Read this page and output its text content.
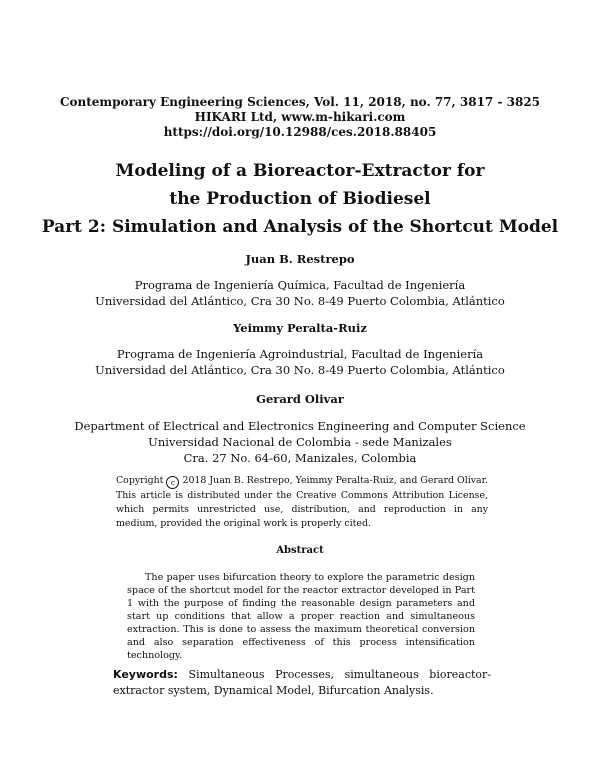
Contemporary Engineering Sciences, Vol. 11, 2018, no. 77, 3817 - 3825
HIKARI Ltd, www.m-hikari.com
https://doi.org/10.12988/ces.2018.88405
Modeling of a Bioreactor-Extractor for
the Production of Biodiesel
Part 2: Simulation and Analysis of the Shortcut Model
Juan B. Restrepo
Programa de Ingeniería Química, Facultad de Ingeniería
Universidad del Atlántico, Cra 30 No. 8-49 Puerto Colombia, Atlántico
Yeimmy Peralta-Ruiz
Programa de Ingeniería Agroindustrial, Facultad de Ingeniería
Universidad del Atlántico, Cra 30 No. 8-49 Puerto Colombia, Atlántico
Gerard Olivar
Department of Electrical and Electronics Engineering and Computer Science
Universidad Nacional de Colombia - sede Manizales
Cra. 27 No. 64-60, Manizales, Colombia
Copyright c 2018 Juan B. Restrepo, Yeimmy Peralta-Ruiz, and Gerard Olivar. This article is distributed under the Creative Commons Attribution License, which permits unrestricted use, distribution, and reproduction in any medium, provided the original work is properly cited.
Abstract
The paper uses bifurcation theory to explore the parametric design space of the shortcut model for the reactor extractor developed in Part 1 with the purpose of finding the reasonable design parameters and start up conditions that allow a proper reaction and simultaneous extraction. This is done to assess the maximum theoretical conversion and also separation effectiveness of this process intensification technology.
Keywords: Simultaneous Processes, simultaneous bioreactor-extractor system, Dynamical Model, Bifurcation Analysis.
